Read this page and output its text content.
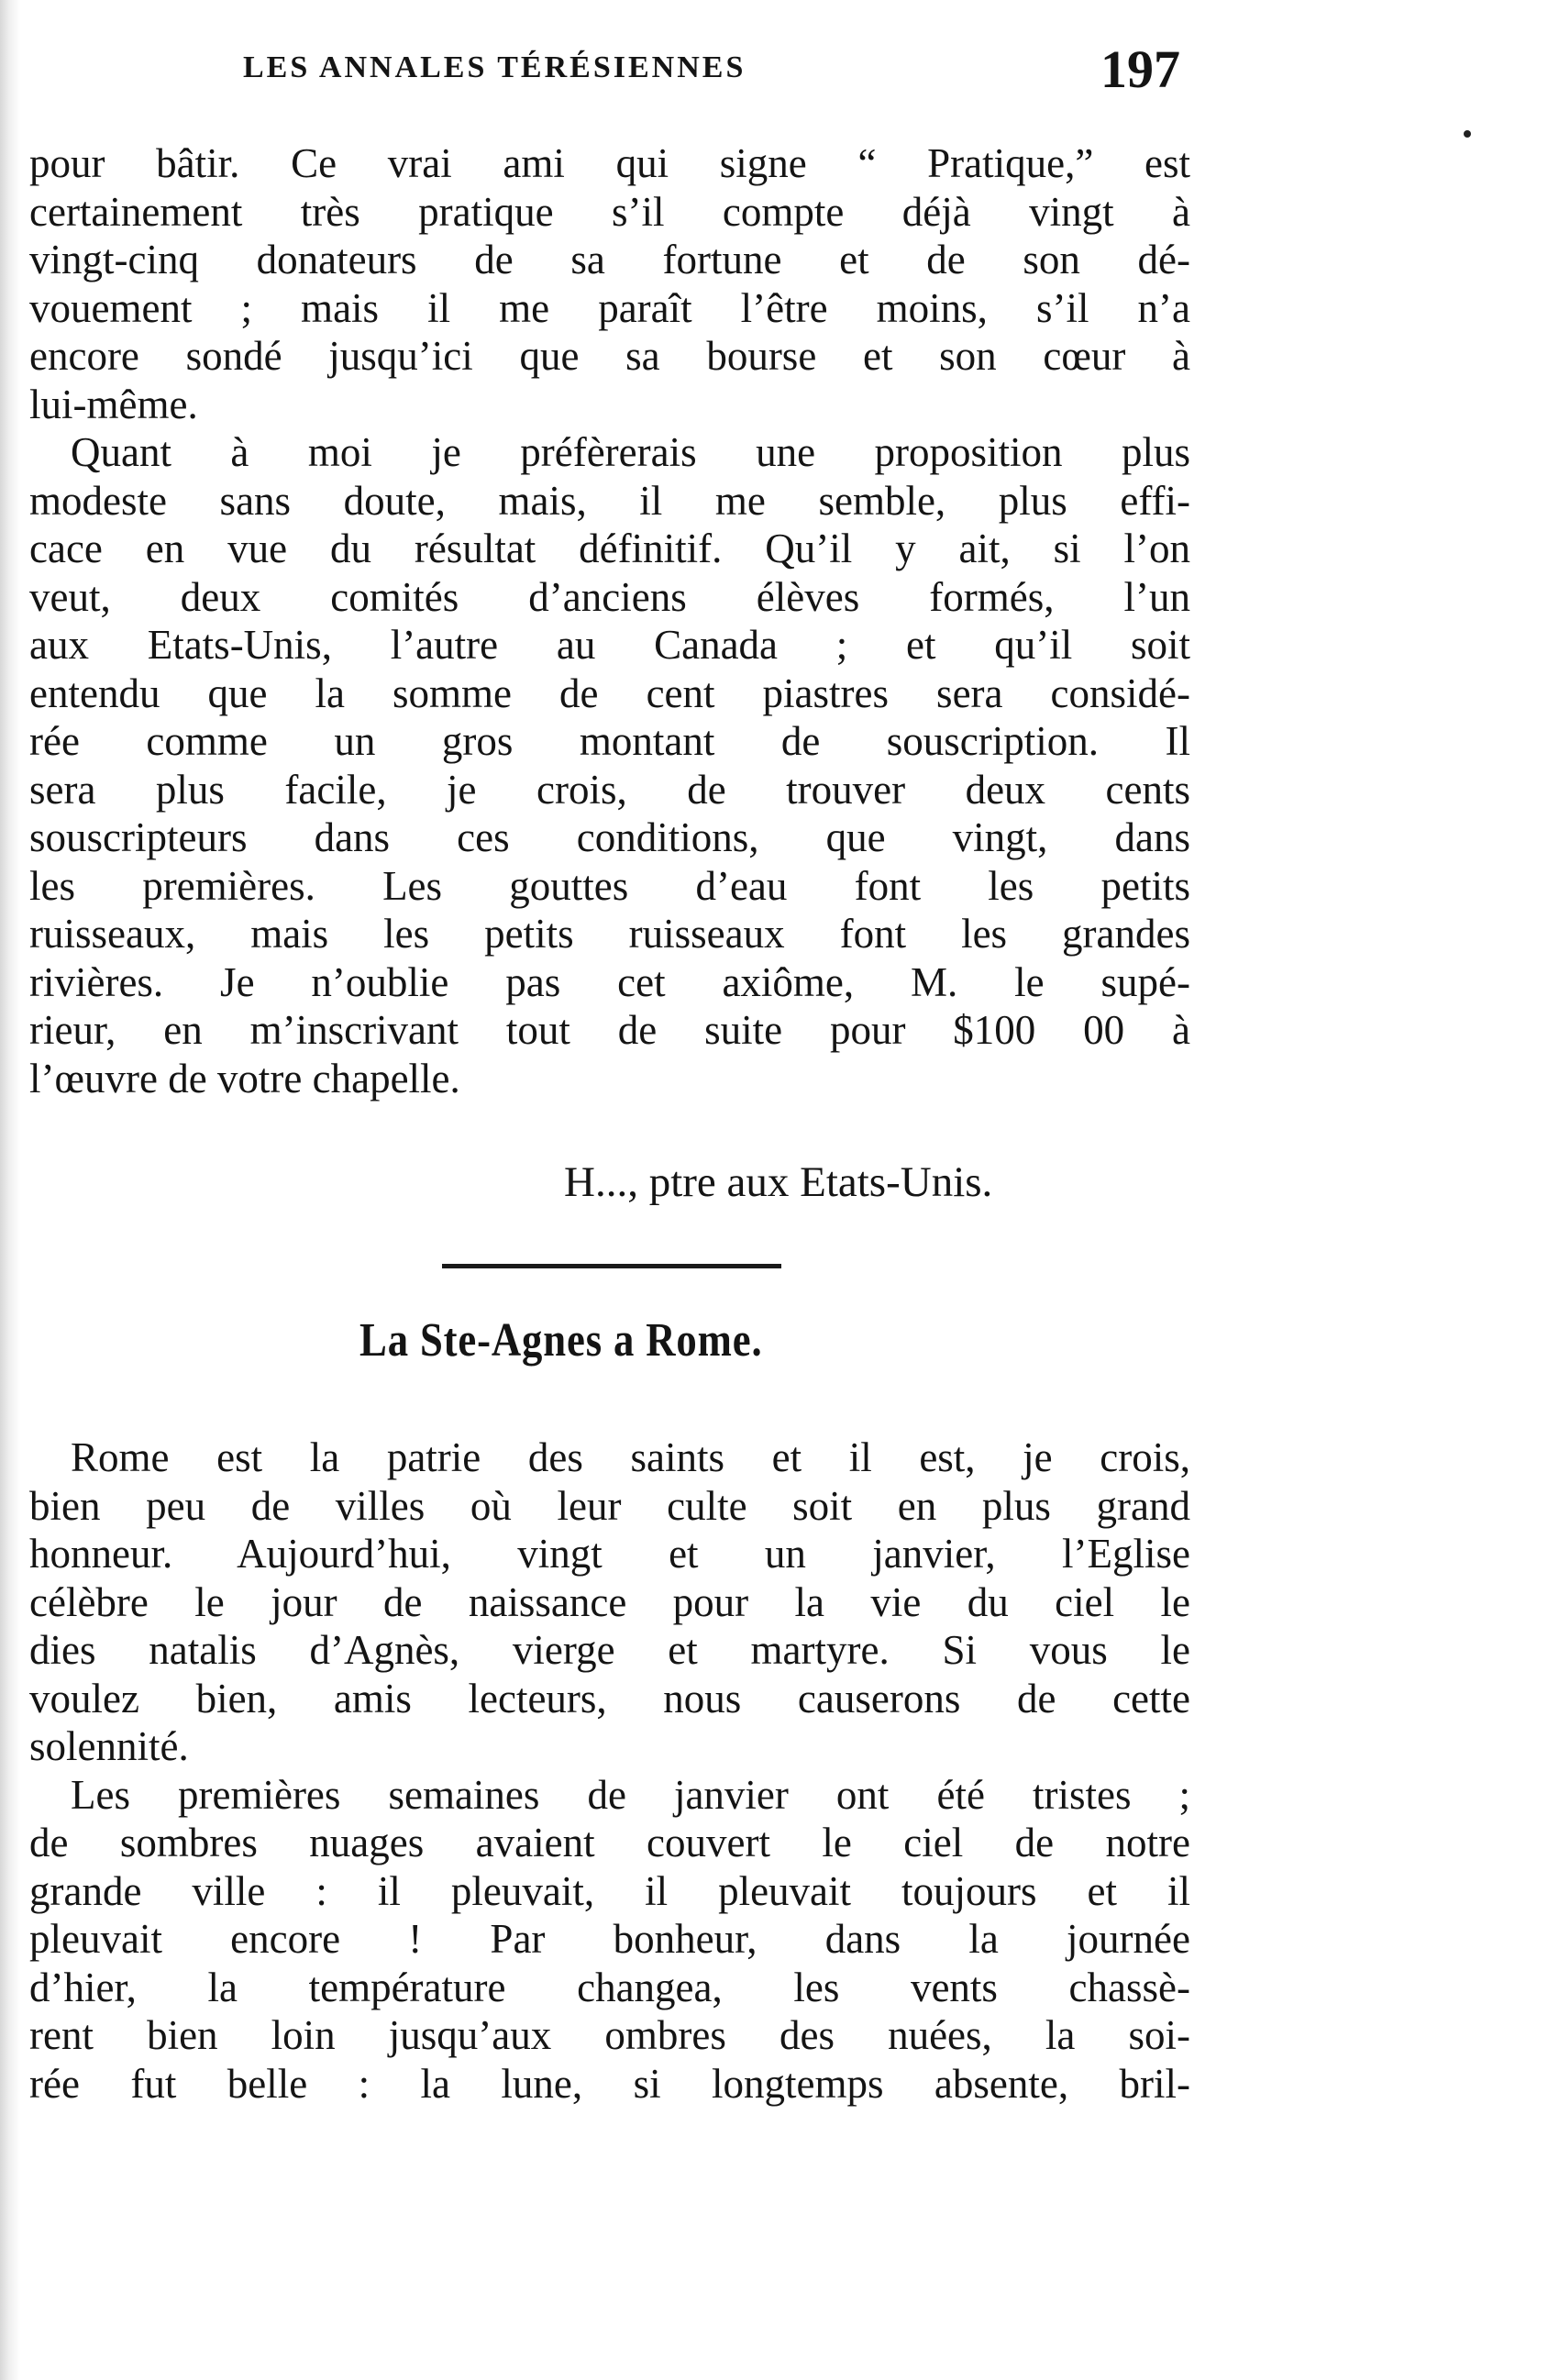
LES ANNALES TÉRÉSIENNES	197
pour bâtir. Ce vrai ami qui signe “ Pratique,” est
certainement très pratique s’il compte déjà vingt à
vingt-cinq donateurs de sa fortune et de son dé-
vouement ; mais il me paraît l’être moins, s’il n’a
encore sondé jusqu’ici que sa bourse et son cœur à
lui-même.
Quant à moi je préfèrerais une proposition plus
modeste sans doute, mais, il me semble, plus effi-
cace en vue du résultat définitif. Qu’il y ait, si l’on
veut, deux comités d’anciens élèves formés, l’un
aux Etats-Unis, l’autre au Canada ; et qu’il soit
entendu que la somme de cent piastres sera considé-
rée comme un gros montant de souscription. Il
sera plus facile, je crois, de trouver deux cents
souscripteurs dans ces conditions, que vingt, dans
les premières. Les gouttes d’eau font les petits
ruisseaux, mais les petits ruisseaux font les grandes
rivières. Je n’oublie pas cet axiôme, M. le supé-
rieur, en m’inscrivant tout de suite pour $100 00 à
l’œuvre de votre chapelle.
H..., ptre aux Etats-Unis.
La Ste-Agnes a Rome.
Rome est la patrie des saints et il est, je crois,
bien peu de villes où leur culte soit en plus grand
honneur. Aujourd’hui, vingt et un janvier, l’Eglise
célèbre le jour de naissance pour la vie du ciel le
dies natalis d’Agnès, vierge et martyre. Si vous le
voulez bien, amis lecteurs, nous causerons de cette
solennité.
Les premières semaines de janvier ont été tristes ;
de sombres nuages avaient couvert le ciel de notre
grande ville : il pleuvait, il pleuvait toujours et il
pleuvait encore ! Par bonheur, dans la journée
d’hier, la température changea, les vents chassè-
rent bien loin jusqu’aux ombres des nuées, la soi-
rée fut belle : la lune, si longtemps absente, bril-
